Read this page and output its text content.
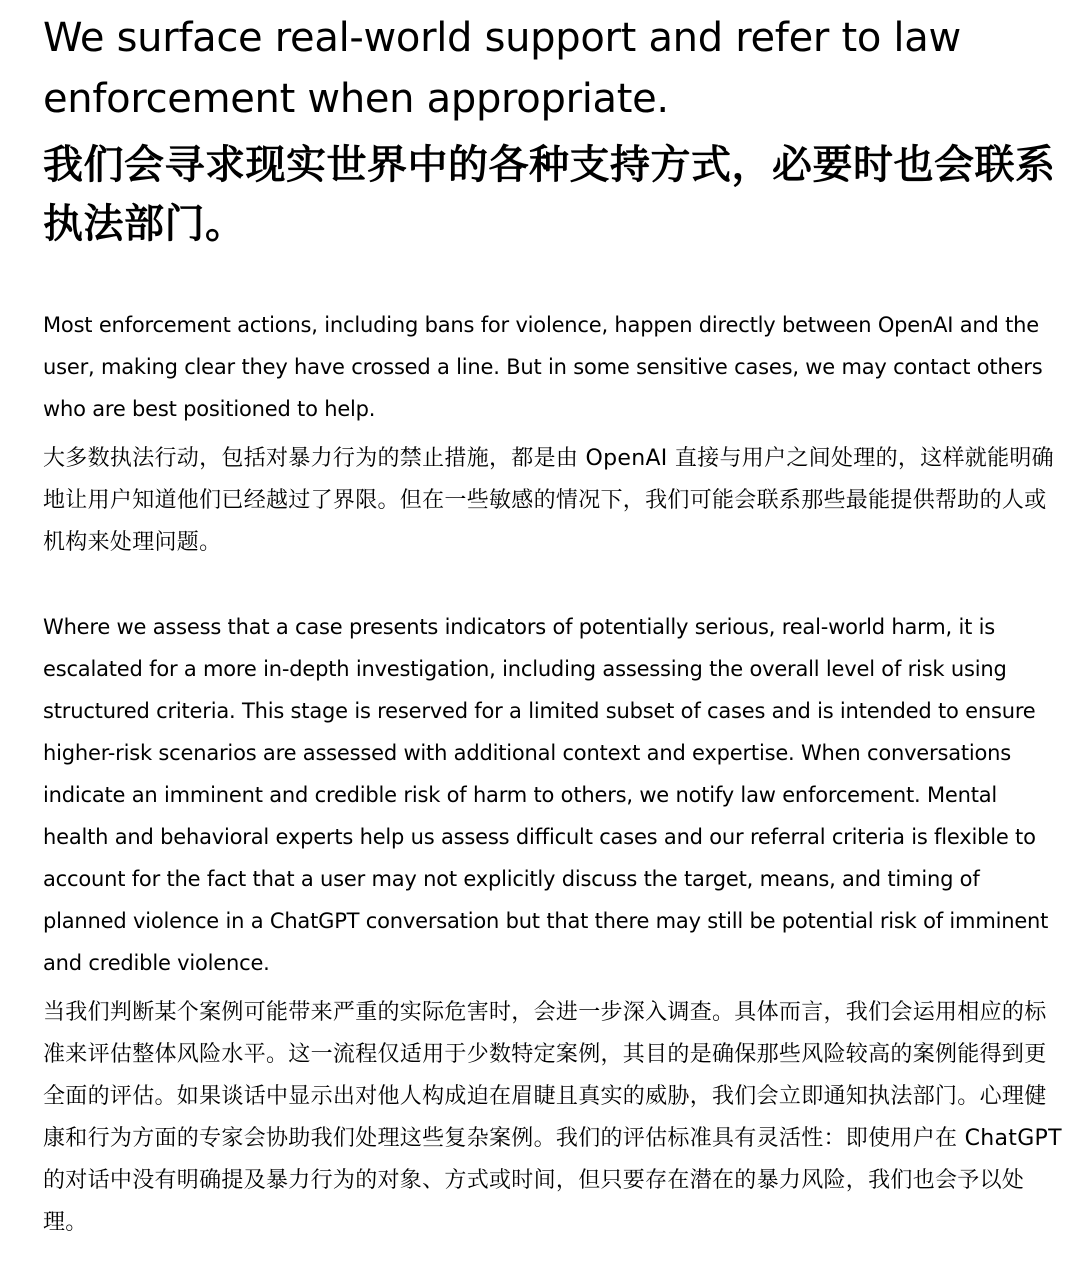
We surface real-world support and refer to law enforcement when appropriate.
我们会寻求现实世界中的各种支持方式，必要时也会联系执法部门。

Most enforcement actions, including bans for violence, happen directly between OpenAI and the user, making clear they have crossed a line. But in some sensitive cases, we may contact others who are best positioned to help.

大多数执法行动，包括对暴力行为的禁止措施，都是由 OpenAI 直接与用户之间处理的，这样就能明确地让用户知道他们已经越过了界限。但在一些敏感的情况下，我们可能会联系那些最能提供帮助的人或机构来处理问题。

Where we assess that a case presents indicators of potentially serious, real-world harm, it is escalated for a more in-depth investigation, including assessing the overall level of risk using structured criteria. This stage is reserved for a limited subset of cases and is intended to ensure higher-risk scenarios are assessed with additional context and expertise. When conversations indicate an imminent and credible risk of harm to others, we notify law enforcement. Mental health and behavioral experts help us assess difficult cases and our referral criteria is flexible to account for the fact that a user may not explicitly discuss the target, means, and timing of planned violence in a ChatGPT conversation but that there may still be potential risk of imminent and credible violence.

当我们判断某个案例可能带来严重的实际危害时，会进一步深入调查。具体而言，我们会运用相应的标准来评估整体风险水平。这一流程仅适用于少数特定案例，其目的是确保那些风险较高的案例能得到更全面的评估。如果谈话中显示出对他人构成迫在眉睫且真实的威胁，我们会立即通知执法部门。心理健康和行为方面的专家会协助我们处理这些复杂案例。我们的评估标准具有灵活性：即使用户在 ChatGPT 的对话中没有明确提及暴力行为的对象、方式或时间，但只要存在潜在的暴力风险，我们也会予以处理。
